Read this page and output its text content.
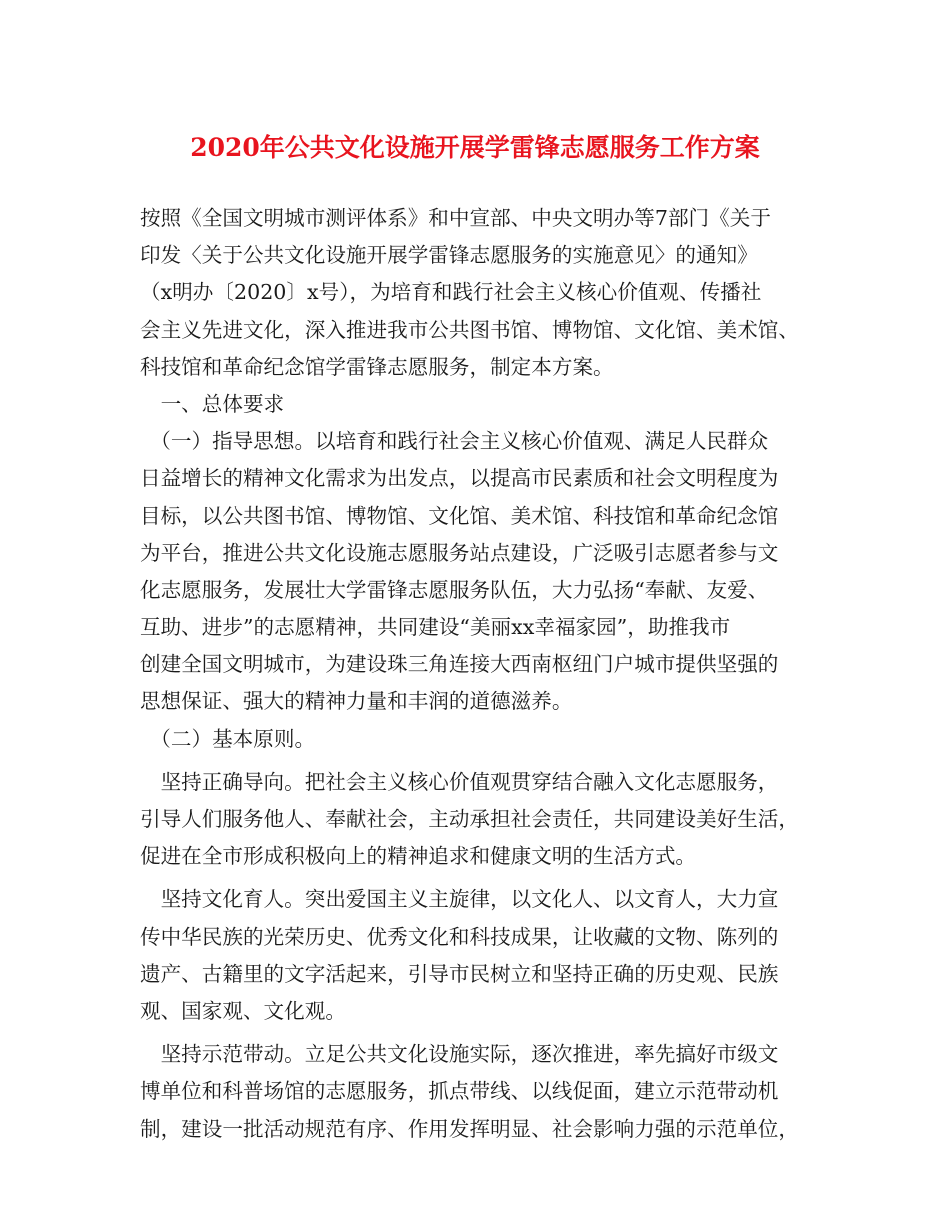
2020年公共文化设施开展学雷锋志愿服务工作方案
按照《全国文明城市测评体系》和中宣部、中央文明办等7部门《关于
印发〈关于公共文化设施开展学雷锋志愿服务的实施意见〉的通知》
（x明办〔2020〕x号），为培育和践行社会主义核心价值观、传播社
会主义先进文化，深入推进我市公共图书馆、博物馆、文化馆、美术馆、
科技馆和革命纪念馆学雷锋志愿服务，制定本方案。
　一、总体要求
　（一）指导思想。以培育和践行社会主义核心价值观、满足人民群众
日益增长的精神文化需求为出发点，以提高市民素质和社会文明程度为
目标，以公共图书馆、博物馆、文化馆、美术馆、科技馆和革命纪念馆
为平台，推进公共文化设施志愿服务站点建设，广泛吸引志愿者参与文
化志愿服务，发展壮大学雷锋志愿服务队伍，大力弘扬“奉献、友爱、
互助、进步”的志愿精神，共同建设“美丽xx幸福家园”，助推我市
创建全国文明城市，为建设珠三角连接大西南枢纽门户城市提供坚强的
思想保证、强大的精神力量和丰润的道德滋养。
　（二）基本原则。
　坚持正确导向。把社会主义核心价值观贯穿结合融入文化志愿服务，
引导人们服务他人、奉献社会，主动承担社会责任，共同建设美好生活，
促进在全市形成积极向上的精神追求和健康文明的生活方式。
　坚持文化育人。突出爱国主义主旋律，以文化人、以文育人，大力宣
传中华民族的光荣历史、优秀文化和科技成果，让收藏的文物、陈列的
遗产、古籍里的文字活起来，引导市民树立和坚持正确的历史观、民族
观、国家观、文化观。
　坚持示范带动。立足公共文化设施实际，逐次推进，率先搞好市级文
博单位和科普场馆的志愿服务，抓点带线、以线促面，建立示范带动机
制，建设一批活动规范有序、作用发挥明显、社会影响力强的示范单位，
